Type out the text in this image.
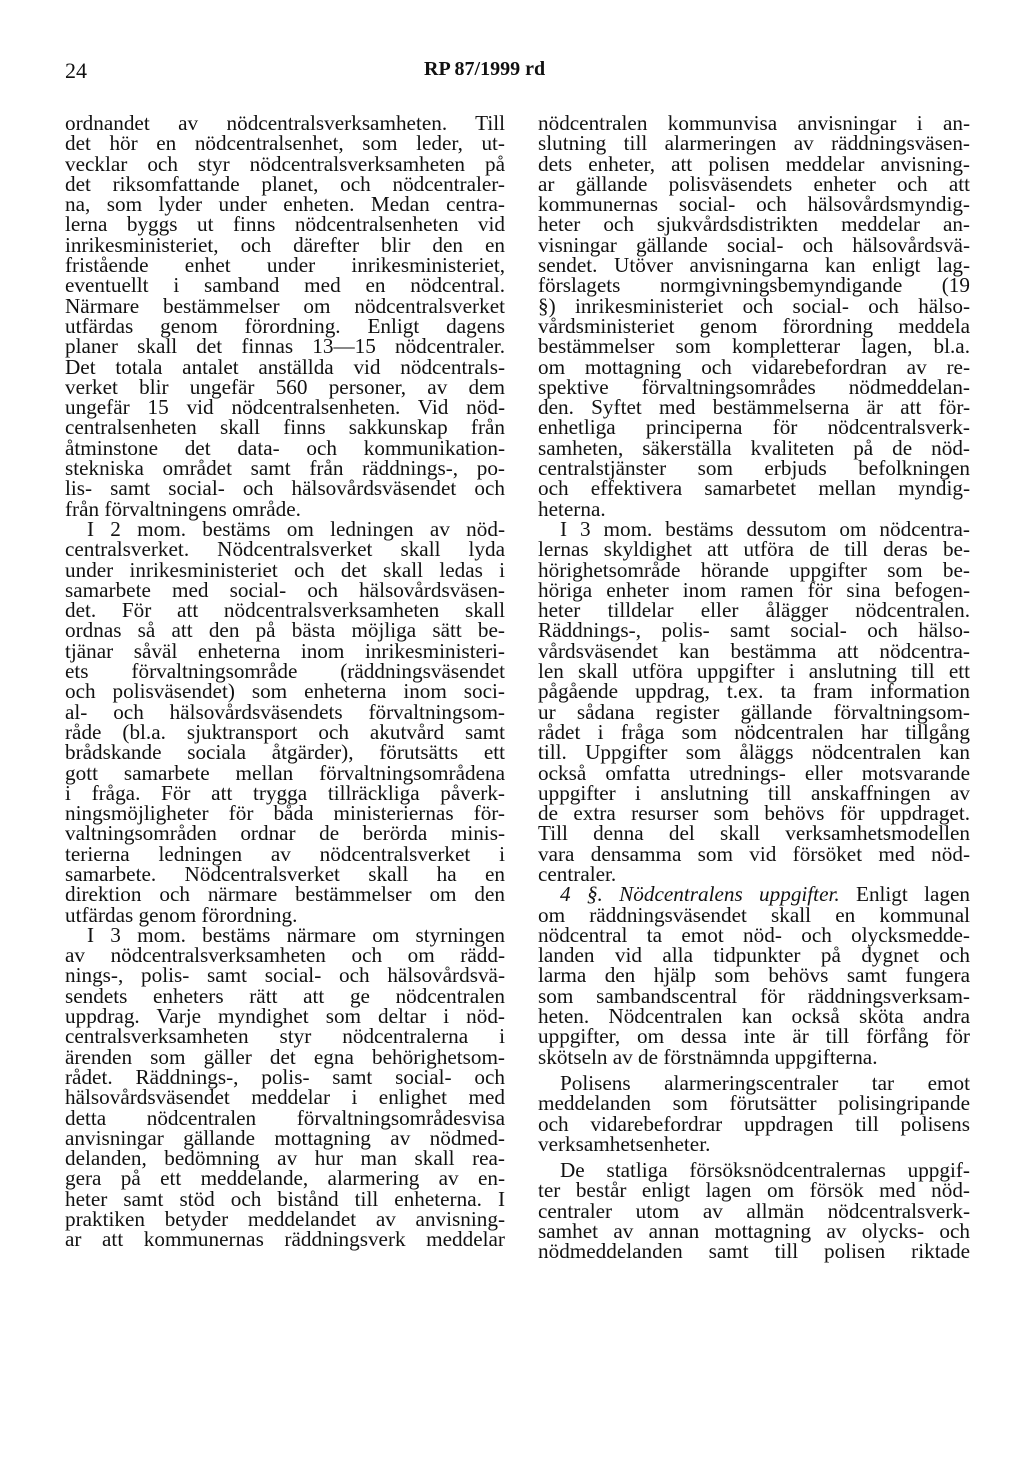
24	RP 87/1999 rd
ordnandet av nödcentralsverksamheten. Till
det hör en nödcentralsenhet, som leder, ut-
vecklar och styr nödcentralsverksamheten på
det riksomfattande planet, och nödcentraler-
na, som lyder under enheten. Medan centra-
lerna byggs ut finns nödcentralsenheten vid
inrikesministeriet, och därefter blir den en
fristående enhet under inrikesministeriet,
eventuellt i samband med en nödcentral.
Närmare bestämmelser om nödcentralsverket
utfärdas genom förordning. Enligt dagens
planer skall det finnas 13—15 nödcentraler.
Det totala antalet anställda vid nödcentrals-
verket blir ungefär 560 personer, av dem
ungefär 15 vid nödcentralsenheten. Vid nöd-
centralsenheten skall finns sakkunskap från
åtminstone det data- och kommunikation-
stekniska området samt från räddnings-, po-
lis- samt social- och hälsovårdsväsendet och
från förvaltningens område.
I 2 mom. bestäms om ledningen av nöd-
centralsverket. Nödcentralsverket skall lyda
under inrikesministeriet och det skall ledas i
samarbete med social- och hälsovårdsväsen-
det. För att nödcentralsverksamheten skall
ordnas så att den på bästa möjliga sätt be-
tjänar såväl enheterna inom inrikesministeri-
ets förvaltningsområde (räddningsväsendet
och polisväsendet) som enheterna inom soci-
al- och hälsovårdsväsendets förvaltningsom-
råde (bl.a. sjuktransport och akutvård samt
brådskande sociala åtgärder), förutsätts ett
gott samarbete mellan förvaltningsområdena
i fråga. För att trygga tillräckliga påverk-
ningsmöjligheter för båda ministeriernas för-
valtningsområden ordnar de berörda minis-
terierna ledningen av nödcentralsverket i
samarbete. Nödcentralsverket skall ha en
direktion och närmare bestämmelser om den
utfärdas genom förordning.
I 3 mom. bestäms närmare om styrningen
av nödcentralsverksamheten och om rädd-
nings-, polis- samt social- och hälsovårdsvä-
sendets enheters rätt att ge nödcentralen
uppdrag. Varje myndighet som deltar i nöd-
centralsverksamheten styr nödcentralerna i
ärenden som gäller det egna behörighetsom-
rådet. Räddnings-, polis- samt social- och
hälsovårdsväsendet meddelar i enlighet med
detta nödcentralen förvaltningsområdesvisa
anvisningar gällande mottagning av nödmed-
delanden, bedömning av hur man skall rea-
gera på ett meddelande, alarmering av en-
heter samt stöd och bistånd till enheterna. I
praktiken betyder meddelandet av anvisning-
ar att kommunernas räddningsverk meddelar
nödcentralen kommunvisa anvisningar i an-
slutning till alarmeringen av räddningsväsen-
dets enheter, att polisen meddelar anvisning-
ar gällande polisväsendets enheter och att
kommunernas social- och hälsovårdsmyndig-
heter och sjukvårdsdistrikten meddelar an-
visningar gällande social- och hälsovårdsvä-
sendet. Utöver anvisningarna kan enligt lag-
förslagets normgivningsbemyndigande (19
§) inrikesministeriet och social- och hälso-
vårdsministeriet genom förordning meddela
bestämmelser som kompletterar lagen, bl.a.
om mottagning och vidarebefordran av re-
spektive förvaltningsområdes nödmeddelan-
den. Syftet med bestämmelserna är att för-
enhetliga principerna för nödcentralsverk-
samheten, säkerställa kvaliteten på de nöd-
centralstjänster som erbjuds befolkningen
och effektivera samarbetet mellan myndig-
heterna.
I 3 mom. bestäms dessutom om nödcentra-
lernas skyldighet att utföra de till deras be-
hörighetsområde hörande uppgifter som be-
höriga enheter inom ramen för sina befogen-
heter tilldelar eller ålägger nödcentralen.
Räddnings-, polis- samt social- och hälso-
vårdsväsendet kan bestämma att nödcentra-
len skall utföra uppgifter i anslutning till ett
pågående uppdrag, t.ex. ta fram information
ur sådana register gällande förvaltningsom-
rådet i fråga som nödcentralen har tillgång
till. Uppgifter som åläggs nödcentralen kan
också omfatta utrednings- eller motsvarande
uppgifter i anslutning till anskaffningen av
de extra resurser som behövs för uppdraget.
Till denna del skall verksamhetsmodellen
vara densamma som vid försöket med nöd-
centraler.
4 §. Nödcentralens uppgifter. Enligt lagen
om räddningsväsendet skall en kommunal
nödcentral ta emot nöd- och olycksmedde-
landen vid alla tidpunkter på dygnet och
larma den hjälp som behövs samt fungera
som sambandscentral för räddningsverksam-
heten. Nödcentralen kan också sköta andra
uppgifter, om dessa inte är till förfång för
skötseln av de förstnämnda uppgifterna.
Polisens alarmeringscentraler tar emot
meddelanden som förutsätter polisingripande
och vidarebefordrar uppdragen till polisens
verksamhetsenheter.
De statliga försöksnödcentralernas uppgif-
ter består enligt lagen om försök med nöd-
centraler utom av allmän nödcentralsverk-
samhet av annan mottagning av olycks- och
nödmeddelanden samt till polisen riktade
